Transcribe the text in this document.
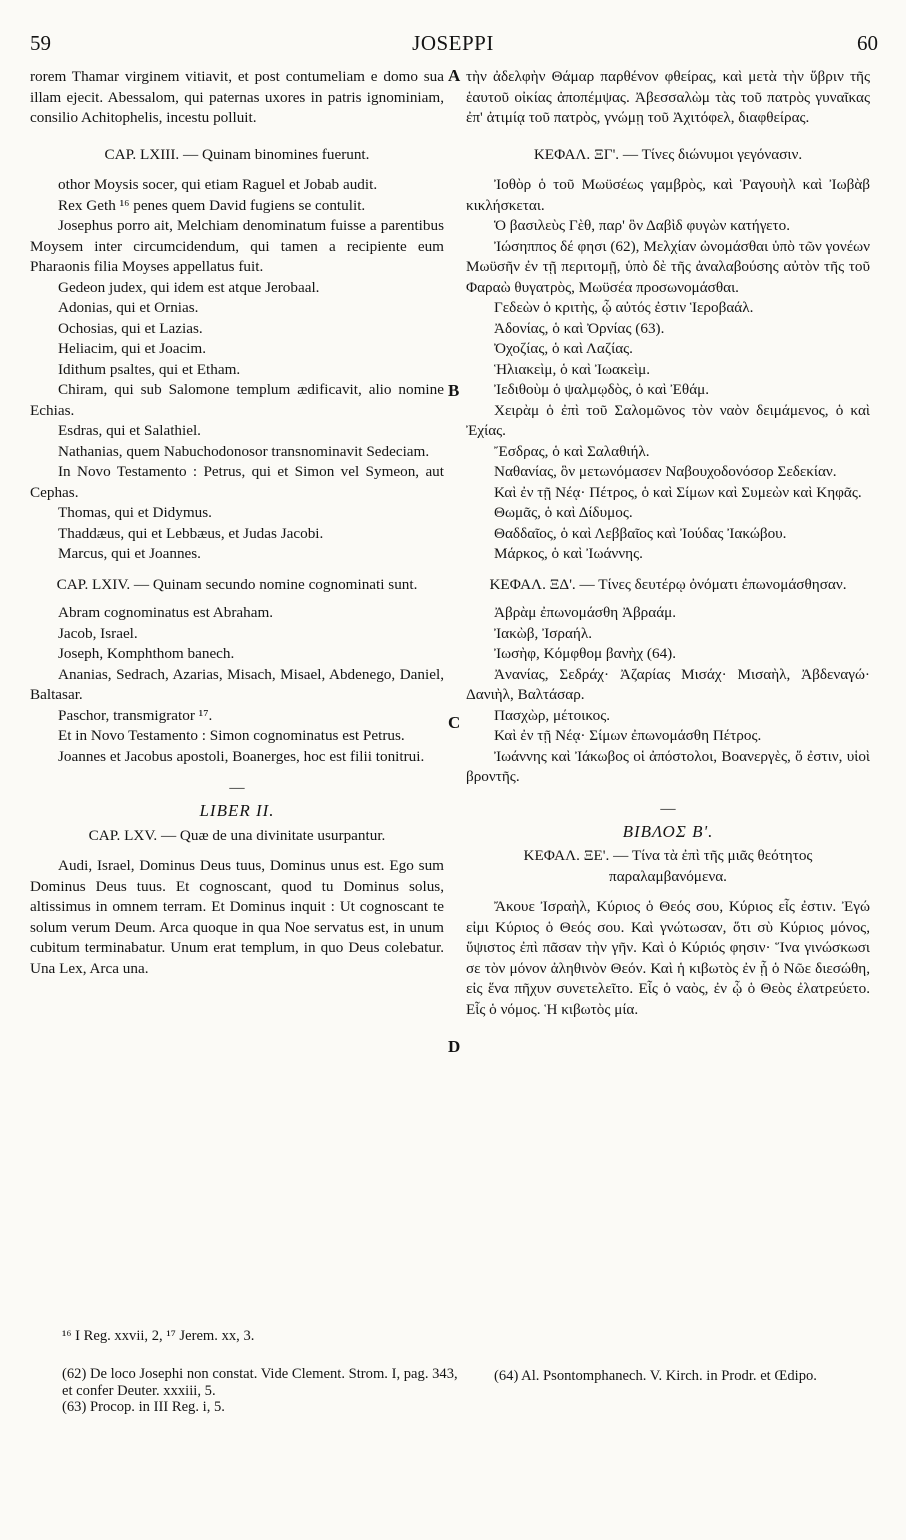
59	JOSEPPI	60
A
B
C
D

rorem Thamar virginem vitiavit, et post contumeliam e domo sua illam ejecit. Abessalom, qui paternas uxores in patris ignominiam, consilio Achitophelis, incestu polluit.

CAP. LXIII. — Quinam binomines fuerunt.

othor Moysis socer, qui etiam Raguel et Jobab audit.

Rex Geth ¹⁶ penes quem David fugiens se contulit.

Josephus porro ait, Melchiam denominatum fuisse a parentibus Moysem inter circumcidendum, qui tamen a recipiente eum Pharaonis filia Moyses appellatus fuit.

Gedeon judex, qui idem est atque Jerobaal.

Adonias, qui et Ornias.

Ochosias, qui et Lazias.

Heliacim, qui et Joacim.

Idithum psaltes, qui et Etham.

Chiram, qui sub Salomone templum ædificavit, alio nomine Echias.

Esdras, qui et Salathiel.

Nathanias, quem Nabuchodonosor transnominavit Sedeciam.

In Novo Testamento : Petrus, qui et Simon vel Symeon, aut Cephas.

Thomas, qui et Didymus.

Thaddæus, qui et Lebbæus, et Judas Jacobi.

Marcus, qui et Joannes.

CAP. LXIV. — Quinam secundo nomine cognominati sunt.

Abram cognominatus est Abraham.

Jacob, Israel.

Joseph, Komphthom banech.

Ananias, Sedrach, Azarias, Misach, Misael, Abdenego, Daniel, Baltasar.

Paschor, transmigrator ¹⁷.

Et in Novo Testamento : Simon cognominatus est Petrus.

Joannes et Jacobus apostoli, Boanerges, hoc est filii tonitrui.

—
LIBER II.

CAP. LXV. — Quæ de una divinitate usurpantur.

Audi, Israel, Dominus Deus tuus, Dominus unus est. Ego sum Dominus Deus tuus. Et cognoscant, quod tu Dominus solus, altissimus in omnem terram. Et Dominus inquit : Ut cognoscant te solum verum Deum. Arca quoque in qua Noe servatus est, in unum cubitum terminabatur. Unum erat templum, in quo Deus colebatur. Una Lex, Arca una.

τὴν ἀδελφὴν Θάμαρ παρθένον φθείρας, καὶ μετὰ τὴν ὕβριν τῆς ἑαυτοῦ οἰκίας ἀποπέμψας. Ἀβεσσαλὼμ τὰς τοῦ πατρὸς γυναῖκας ἐπ' ἀτιμίᾳ τοῦ πατρὸς, γνώμῃ τοῦ Ἀχιτόφελ, διαφθείρας.

ΚΕΦΑΛ. ΞΓ'. — Τίνες διώνυμοι γεγόνασιν.

Ἰοθὸρ ὁ τοῦ Μωϋσέως γαμβρὸς, καὶ Ῥαγουὴλ καὶ Ἰωβὰβ κικλήσκεται.

Ὁ βασιλεὺς Γὲθ, παρ' ὃν Δαβὶδ φυγὼν κατήγετο.

Ἰώσηππος δέ φησι (62), Μελχίαν ὠνομάσθαι ὑπὸ τῶν γονέων Μωϋσῆν ἐν τῇ περιτομῇ, ὑπὸ δὲ τῆς ἀναλαβούσης αὐτὸν τῆς τοῦ Φαραὼ θυγατρὸς, Μωϋσέα προσωνομάσθαι.

Γεδεὼν ὁ κριτὴς, ᾧ αὐτός ἐστιν Ἱεροβαάλ.

Ἀδονίας, ὁ καὶ Ὀρνίας (63).

Ὀχοζίας, ὁ καὶ Λαζίας.

Ἡλιακεὶμ, ὁ καὶ Ἰωακεὶμ.

Ἰεδιθοὺμ ὁ ψαλμῳδὸς, ὁ καὶ Ἐθάμ.

Χειρὰμ ὁ ἐπὶ τοῦ Σαλομῶνος τὸν ναὸν δειμάμενος, ὁ καὶ Ἐχίας.

Ἔσδρας, ὁ καὶ Σαλαθιήλ.

Ναθανίας, ὃν μετωνόμασεν Ναβουχοδονόσορ Σεδεκίαν.

Καὶ ἐν τῇ Νέᾳ· Πέτρος, ὁ καὶ Σίμων καὶ Συμεὼν καὶ Κηφᾶς.

Θωμᾶς, ὁ καὶ Δίδυμος.

Θαδδαῖος, ὁ καὶ Λεββαῖος καὶ Ἰούδας Ἰακώβου.

Μάρκος, ὁ καὶ Ἰωάννης.

ΚΕΦΑΛ. ΞΔ'. — Τίνες δευτέρῳ ὀνόματι ἐπωνομάσθησαν.

Ἀβρὰμ ἐπωνομάσθη Ἀβραάμ.

Ἰακὼβ, Ἰσραήλ.

Ἰωσὴφ, Κόμφθομ βανὴχ (64).

Ἀνανίας, Σεδράχ· Ἀζαρίας Μισάχ· Μισαὴλ, Ἀβδεναγώ· Δανιὴλ, Βαλτάσαρ.

Πασχὼρ, μέτοικος.

Καὶ ἐν τῇ Νέᾳ· Σίμων ἐπωνομάσθη Πέτρος.

Ἰωάννης καὶ Ἰάκωβος οἱ ἀπόστολοι, Βοανεργὲς, ὅ ἐστιν, υἱοὶ βροντῆς.

—
ΒΙΒΛΟΣ Β'.

ΚΕΦΑΛ. ΞΕ'. — Τίνα τὰ ἐπὶ τῆς μιᾶς θεότητος παραλαμβανόμενα.

Ἄκουε Ἰσραὴλ, Κύριος ὁ Θεός σου, Κύριος εἷς ἐστιν. Ἐγώ εἰμι Κύριος ὁ Θεός σου. Καὶ γνώτωσαν, ὅτι σὺ Κύριος μόνος, ὕψιστος ἐπὶ πᾶσαν τὴν γῆν. Καὶ ὁ Κύριός φησιν· Ἵνα γινώσκωσι σε τὸν μόνον ἀληθινὸν Θεόν. Καὶ ἡ κιβωτὸς ἐν ᾗ ὁ Νῶε διεσώθη, εἰς ἕνα πῆχυν συνετελεῖτο. Εἷς ὁ ναὸς, ἐν ᾧ ὁ Θεὸς ἐλατρεύετο. Εἷς ὁ νόμος. Ἡ κιβωτὸς μία.

¹⁶ I Reg. xxvii, 2, ¹⁷ Jerem. xx, 3.

(62) De loco Josephi non constat. Vide Clement. Strom. I, pag. 343, et confer Deuter. xxxiii, 5.

(63) Procop. in III Reg. i, 5.

(64) Al. Psontomphanech. V. Kirch. in Prodr. et Œdipo.
